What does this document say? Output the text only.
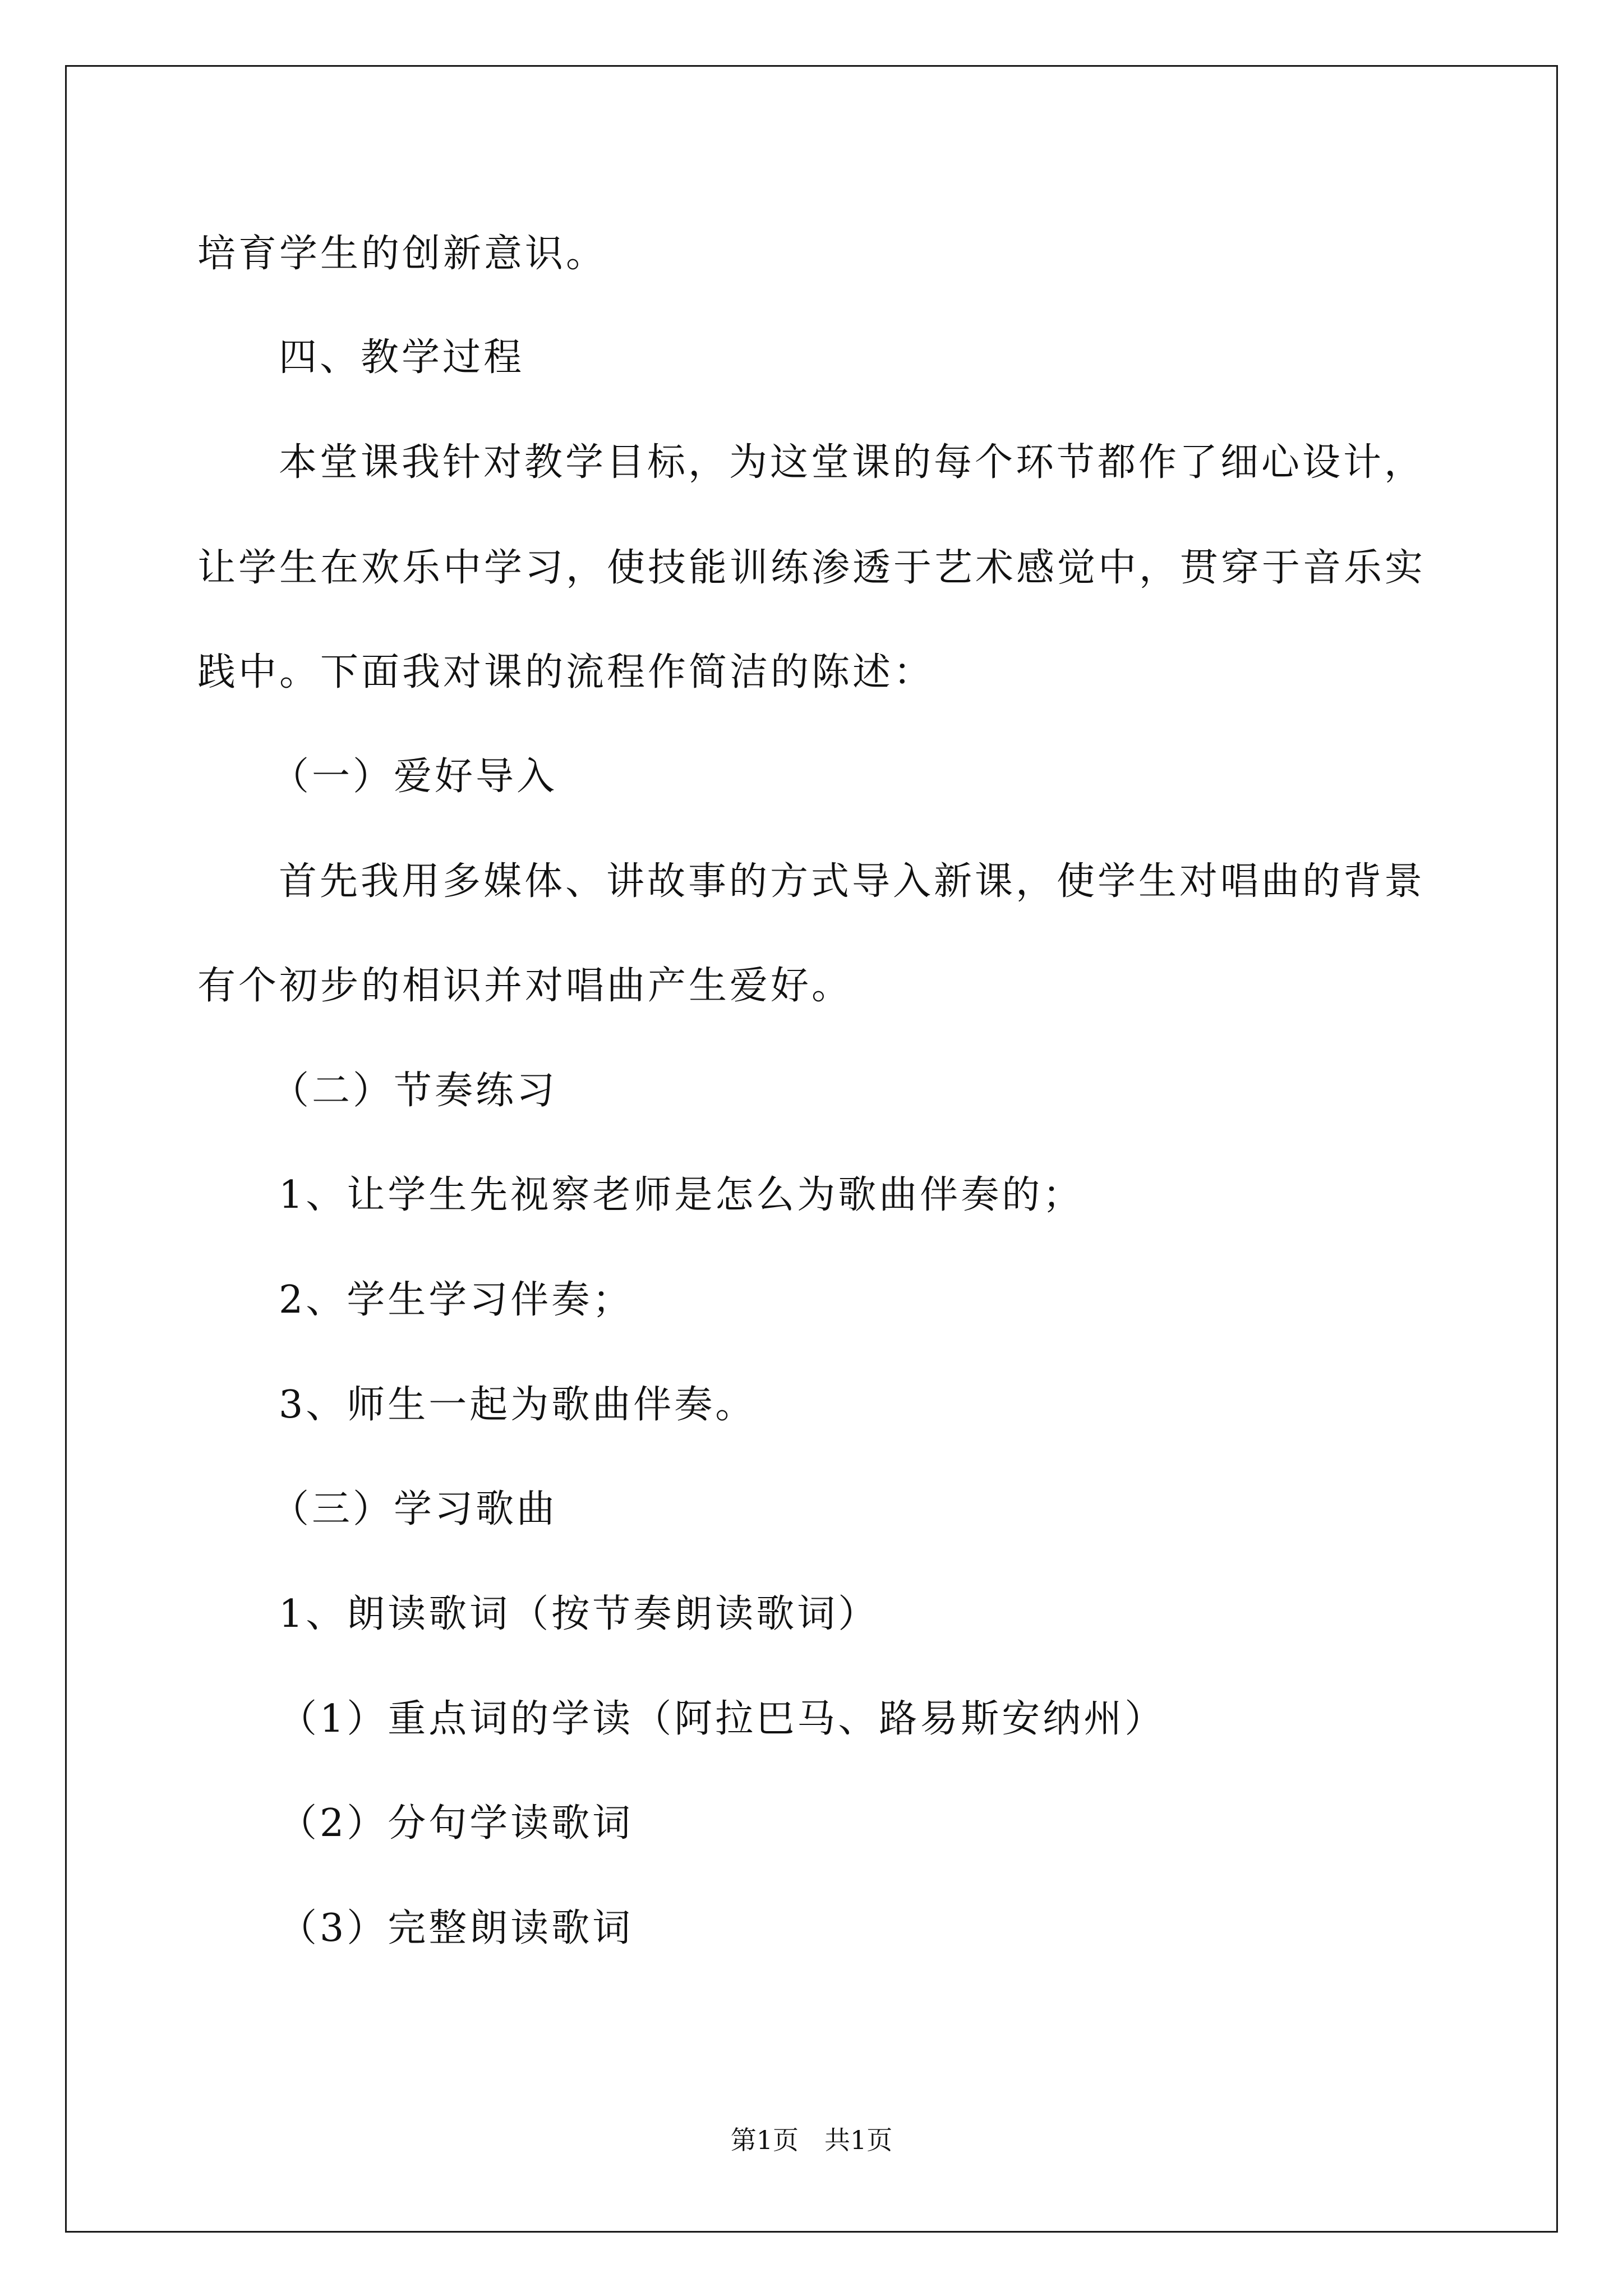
培育学生的创新意识。

四、教学过程

本堂课我针对教学目标，为这堂课的每个环节都作了细心设计，

让学生在欢乐中学习，使技能训练渗透于艺术感觉中，贯穿于音乐实

践中。下面我对课的流程作简洁的陈述：

（一）爱好导入

首先我用多媒体、讲故事的方式导入新课，使学生对唱曲的背景

有个初步的相识并对唱曲产生爱好。

（二）节奏练习

1、让学生先视察老师是怎么为歌曲伴奏的；

2、学生学习伴奏；

3、师生一起为歌曲伴奏。

（三）学习歌曲

1、朗读歌词（按节奏朗读歌词）

（1）重点词的学读（阿拉巴马、路易斯安纳州）

（2）分句学读歌词

（3）完整朗读歌词

第1页　共1页
